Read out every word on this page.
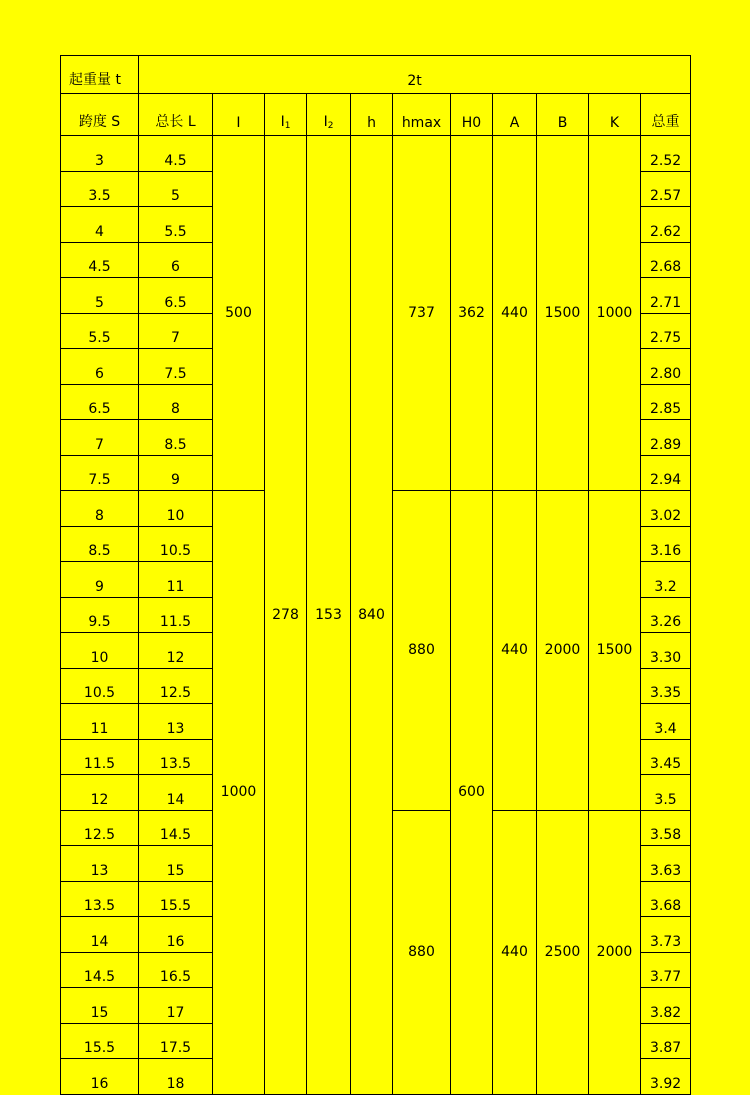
起重量 t	2t										
跨度 S	总长 L	I	$I_1$	$I_2$	h	hmax	H0	A	B	K	总重
3	4.5	500	278	153	840	737	362	440	1500	1000	2.52
3.5	5										2.57
4	5.5										2.62
4.5	6										2.68
5	6.5										2.71
5.5	7										2.75
6	7.5										2.80
6.5	8										2.85
7	8.5										2.89
7.5	9										2.94
8	10	1000				880	600	440	2000	1500	3.02
8.5	10.5										3.16
9	11										3.2
9.5	11.5										3.26
10	12										3.30
10.5	12.5										3.35
11	13										3.4
11.5	13.5										3.45
12	14										3.5
12.5	14.5					880		440	2500	2000	3.58
13	15										3.63
13.5	15.5										3.68
14	16										3.73
14.5	16.5										3.77
15	17										3.82
15.5	17.5										3.87
16	18										3.92
